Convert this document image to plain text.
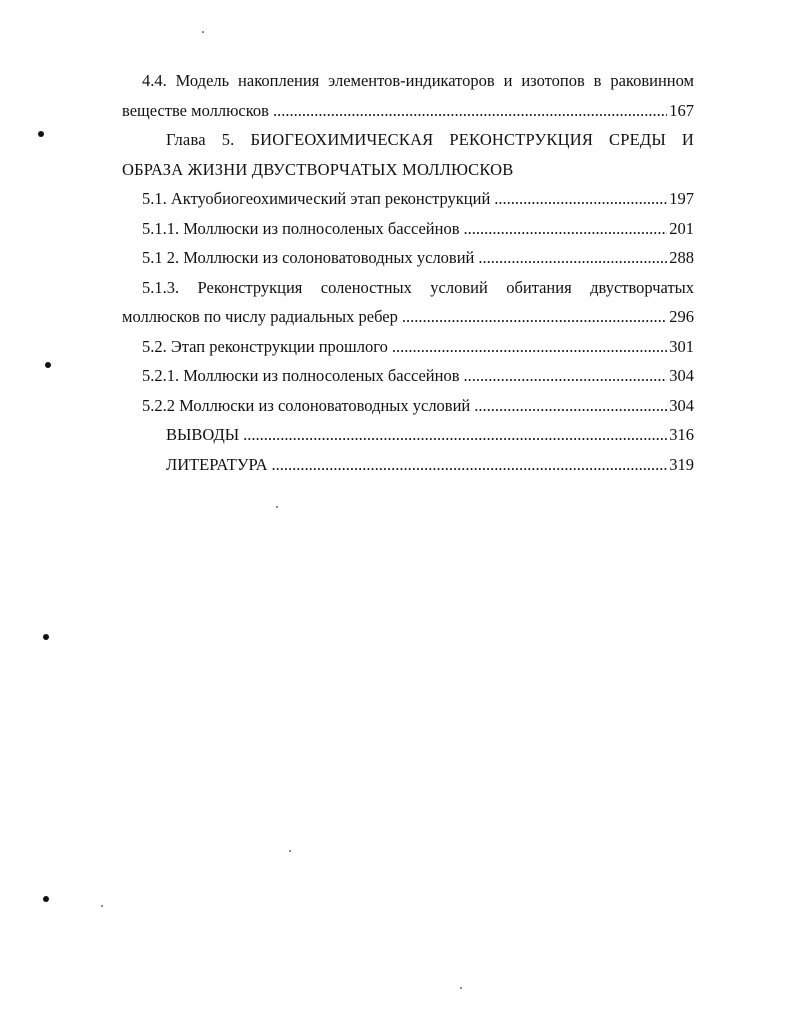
4.4. Модель накопления элементов-индикаторов и изотопов в раковинном
веществе моллюсков .....	167
Глава 5. БИОГЕОХИМИЧЕСКАЯ РЕКОНСТРУКЦИЯ СРЕДЫ И
ОБРАЗА ЖИЗНИ ДВУСТВОРЧАТЫХ МОЛЛЮСКОВ
5.1. Актуобиогеохимический этап реконструкций .....	197
5.1.1. Моллюски из полносоленых бассейнов .....	201
5.1 2. Моллюски из солоноватоводных условий .....	288
5.1.3. Реконструкция соленостных условий обитания двустворчатых
моллюсков по числу радиальных ребер .....	296
5.2. Этап реконструкции прошлого .....	301
5.2.1. Моллюски из полносоленых бассейнов .....	304
5.2.2 Моллюски из солоноватоводных условий .....	304
ВЫВОДЫ .....	316
ЛИТЕРАТУРА .....	319
